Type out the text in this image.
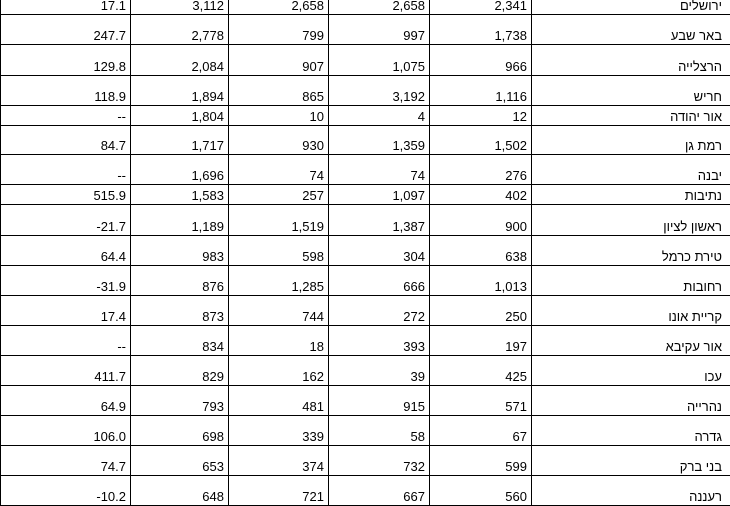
17.1	3,112	2,658	2,658	2,341	ירושלים
247.7	2,778	799	997	1,738	באר שבע
129.8	2,084	907	1,075	966	הרצלייה
118.9	1,894	865	3,192	1,116	חריש
--	1,804	10	4	12	אור יהודה
84.7	1,717	930	1,359	1,502	רמת גן
--	1,696	74	74	276	יבנה
515.9	1,583	257	1,097	402	נתיבות
21.7-	1,189	1,519	1,387	900	ראשון לציון
64.4	983	598	304	638	טירת כרמל
31.9-	876	1,285	666	1,013	רחובות
17.4	873	744	272	250	קריית אונו
--	834	18	393	197	אור עקיבא
411.7	829	162	39	425	עכו
64.9	793	481	915	571	נהרייה
106.0	698	339	58	67	גדרה
74.7	653	374	732	599	בני ברק
10.2-	648	721	667	560	רעננה
